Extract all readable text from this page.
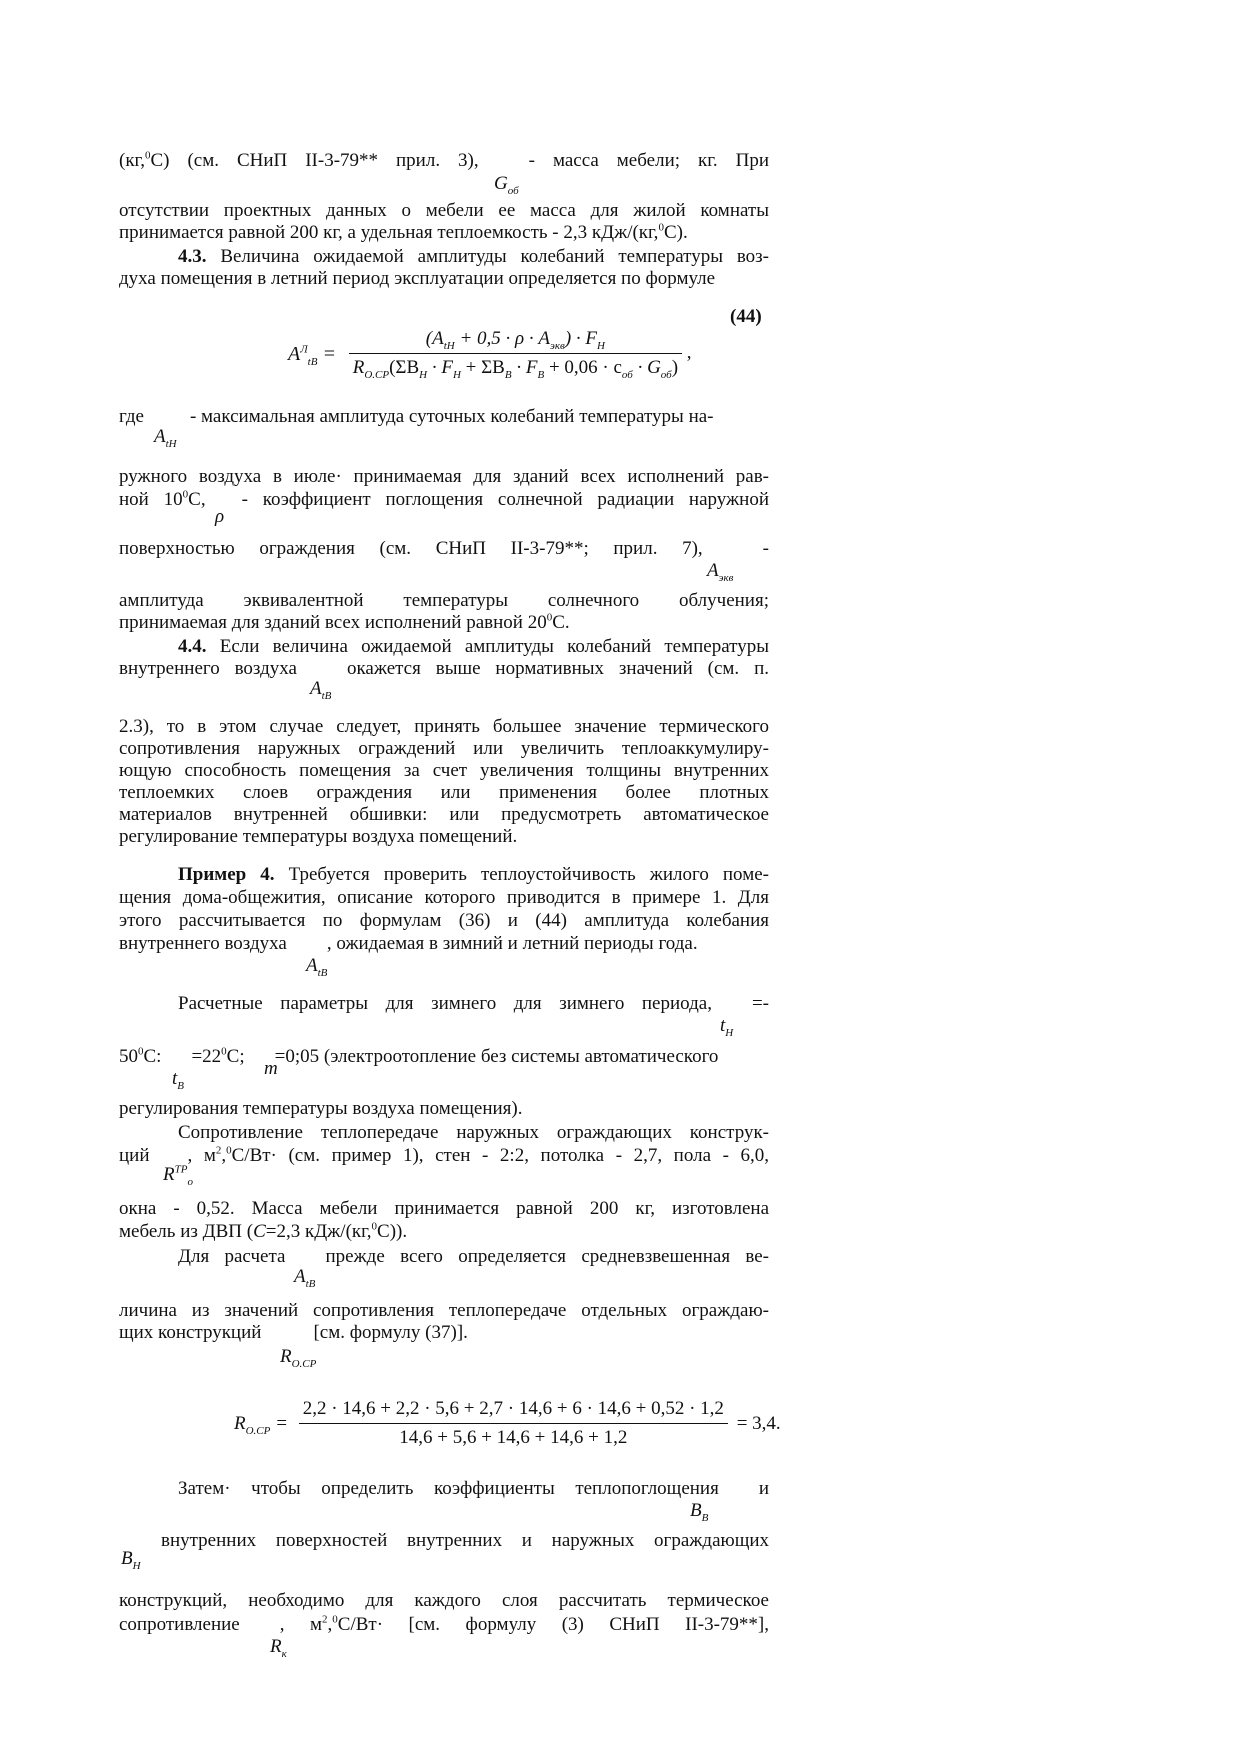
(кг,$^0$С) (см. СНиП II-3-79** прил. 3),	- масса мебели; кг. При
$G_{об}$
отсутствии проектных данных о мебели ее масса для жилой комнаты
принимается равной 200 кг, а удельная теплоемкость - 2,3 кДж/(кг,$^0$С).
4.3. Величина ожидаемой амплитуды колебаний температуры воз-
духа помещения в летний период эксплуатации определяется по формуле
(44)
$A^Л_{tВ} = \frac{(A_{tН} + 0,5 \cdot \rho \cdot A_{экв}) \cdot F_Н}{R_{О.СР}(\Sigma B_Н \cdot F_Н + \Sigma B_В \cdot F_В + 0,06 \cdot c_{об} \cdot G_{об})}$ ,
где - максимальная амплитуда суточных колебаний температуры на-
$A_{tН}$
ружного воздуха в июле· принимаемая для зданий всех исполнений рав-
ной $10^0С$, - коэффициент поглощения солнечной радиации наружной
ρ
поверхностью ограждения (см. СНиП II-3-79**; прил. 7),	-
$A_{экв}$
амплитуда эквивалентной температуры солнечного облучения;
принимаемая для зданий всех исполнений равной $20^0С$.
4.4. Если величина ожидаемой амплитуды колебаний температуры
внутреннего воздуха	окажется выше нормативных значений (см. п.
$A_{tВ}$
2.3), то в этом случае следует, принять большее значение термического
сопротивления наружных ограждений или увеличить теплоаккумулиру-
ющую способность помещения за счет увеличения толщины внутренних
теплоемких слоев ограждения или применения более плотных
материалов внутренней обшивки: или предусмотреть автоматическое
регулирование температуры воздуха помещений.
Пример 4. Требуется проверить теплоустойчивость жилого поме-
щения дома-общежития, описание которого приводится в примере 1. Для
этого рассчитывается по формулам (36) и (44) амплитуда колебания
внутреннего воздуха , ожидаемая в зимний и летний периоды года.
$A_{tВ}$
Расчетные параметры для зимнего для зимнего периода, =-
$t_Н$
$50^0С$: $=22^0С$; =0;05 (электроотопление без системы автоматического
$t_В$
m
регулирования температуры воздуха помещения).
Сопротивление теплопередаче наружных ограждающих конструк-
ций , $м^2,^0С/Вт\cdot (см$. пример 1), стен - 2:2, потолка - 2,7, пола - 6,0,
$R^{ТР}_o$
окна - 0,52. Масса мебели принимается равной 200 кг, изготовлена
мебель из ДВП (C=2,3 кДж/(кг,$^0$С)).
Для расчета прежде всего определяется средневзвешенная ве-
$A_{tВ}$
личина из значений сопротивления теплопередаче отдельных ограждаю-
щих конструкций	[см. формулу (37)].
$R_{О.СР}$
$R_{О.СР} = \frac{2,2 \cdot 14,6 + 2,2 \cdot 5,6 + 2,7 \cdot 14,6 + 6 \cdot 14,6 + 0,52 \cdot 1,2}{14,6 + 5,6 + 14,6 + 14,6 + 1,2} = 3,4$.
Затем· чтобы определить коэффициенты теплопоглощения и
$B_В$
внутренних поверхностей внутренних и наружных ограждающих
$B_Н$
конструкций, необходимо для каждого слоя рассчитать термическое
сопротивление , $м^2,^0С/Вт\cdot [см$. формулу (3) СНиП II-3-79**],
$R_к$
